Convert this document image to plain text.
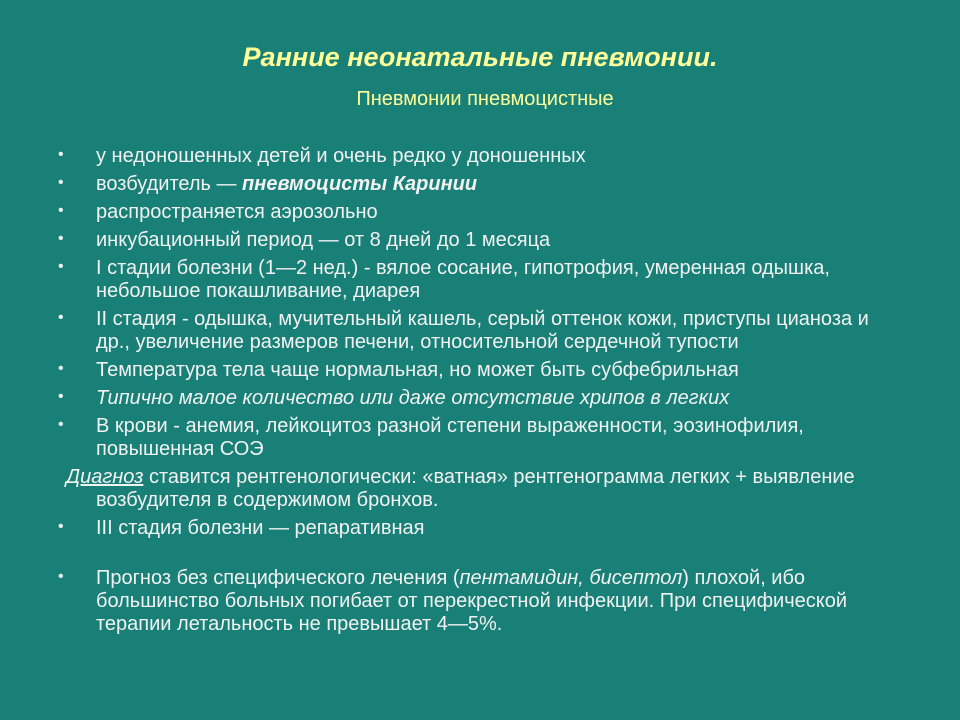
Ранние неонатальные пневмонии.

Пневмонии пневмоцистные

• у недоношенных детей и очень редко у доношенных
• возбудитель — пневмоцисты Каринии
• распространяется аэрозольно
• инкубационный период — от 8 дней до 1 месяца
• I стадии болезни (1—2 нед.) - вялое сосание, гипотрофия, умеренная одышка, небольшое покашливание, диарея
• II стадия - одышка, мучительный кашель, серый оттенок кожи, приступы цианоза и др., увеличение размеров печени, относительной сердечной тупости
• Температура тела чаще нормальная, но может быть субфебрильная
• Типично малое количество или даже отсутствие хрипов в легких
• В крови - анемия, лейкоцитоз разной степени выраженности, эозинофилия, повышенная СОЭ
Диагноз ставится рентгенологически: «ватная» рентгенограмма легких + выявление возбудителя в содержимом бронхов.
• III стадия болезни — репаративная
• Прогноз без специфического лечения (пентамидин, бисептол) плохой, ибо большинство больных погибает от перекрестной инфекции. При специфической терапии летальность не превышает 4—5%.
